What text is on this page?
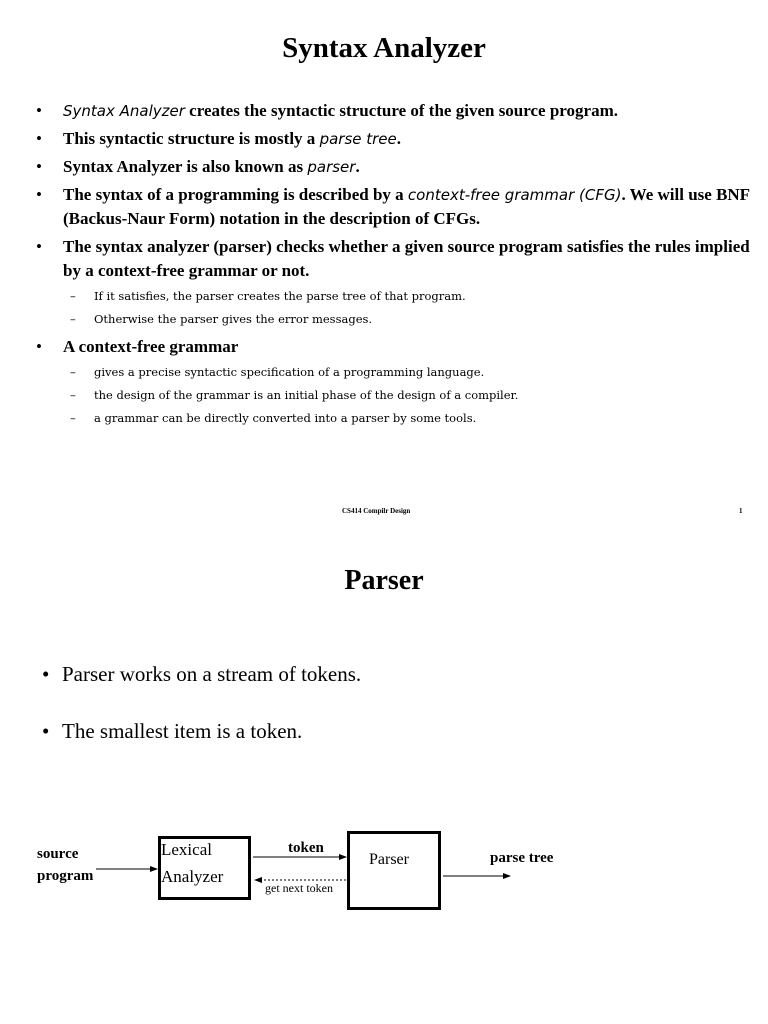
Syntax Analyzer
• Syntax Analyzer creates the syntactic structure of the given source program.
• This syntactic structure is mostly a parse tree.
• Syntax Analyzer is also known as parser.
• The syntax of a programming is described by a context-free grammar (CFG). We will use BNF (Backus-Naur Form) notation in the description of CFGs.
• The syntax analyzer (parser) checks whether a given source program satisfies the rules implied by a context-free grammar or not.
– If it satisfies, the parser creates the parse tree of that program.
– Otherwise the parser gives the error messages.
• A context-free grammar
– gives a precise syntactic specification of a programming language.
– the design of the grammar is an initial phase of the design of a compiler.
– a grammar can be directly converted into a parser by some tools.
CS414 Compilr Design	1
Parser
• Parser works on a stream of tokens.
• The smallest item is a token.
source
program
Lexical
Analyzer
token
get next token
Parser	parse tree
